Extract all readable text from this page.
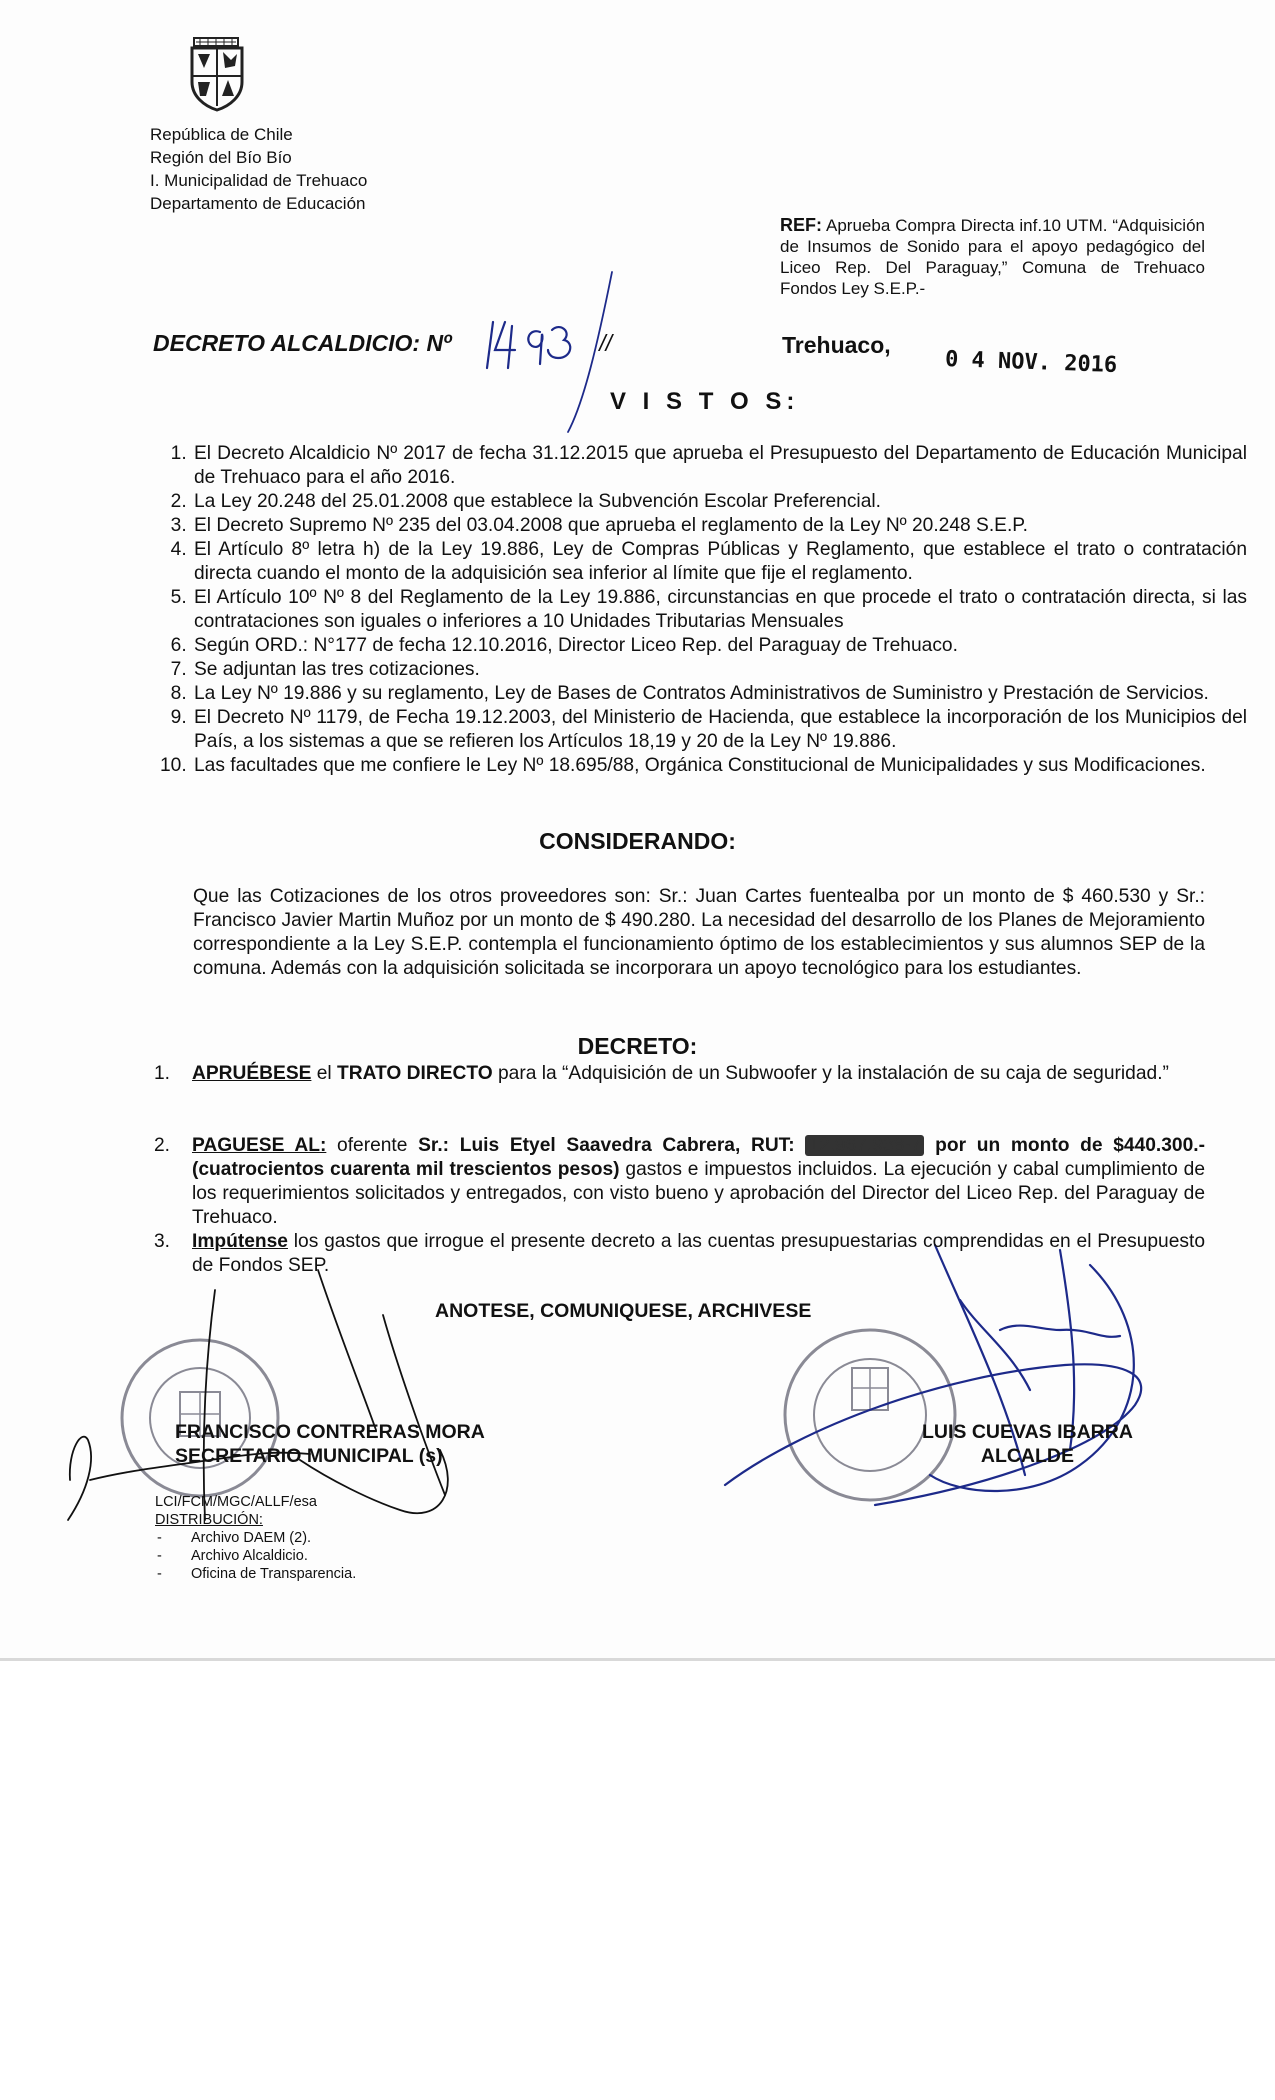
República de Chile
Región del Bío Bío
I. Municipalidad de Trehuaco
Departamento de Educación
REF: Aprueba Compra Directa inf.10 UTM. “Adquisición de Insumos de Sonido para el apoyo pedagógico del Liceo Rep. Del Paraguay,” Comuna de Trehuaco Fondos Ley S.E.P.-
DECRETO ALCALDICIO: Nº	//	Trehuaco,
0 4 NOV. 2016
V I S T O S:
1. El Decreto Alcaldicio Nº 2017 de fecha 31.12.2015 que aprueba el Presupuesto del Departamento de Educación Municipal de Trehuaco para el año 2016.
2. La Ley 20.248 del 25.01.2008 que establece la Subvención Escolar Preferencial.
3. El Decreto Supremo Nº 235 del 03.04.2008 que aprueba el reglamento de la Ley Nº 20.248 S.E.P.
4. El Artículo 8º letra h) de la Ley 19.886, Ley de Compras Públicas y Reglamento, que establece el trato o contratación directa cuando el monto de la adquisición sea inferior al límite que fije el reglamento.
5. El Artículo 10º Nº 8 del Reglamento de la Ley 19.886, circunstancias en que procede el trato o contratación directa, si las contrataciones son iguales o inferiores a 10 Unidades Tributarias Mensuales
6. Según ORD.: N°177 de fecha 12.10.2016, Director Liceo Rep. del Paraguay de Trehuaco.
7. Se adjuntan las tres cotizaciones.
8. La Ley Nº 19.886 y su reglamento, Ley de Bases de Contratos Administrativos de Suministro y Prestación de Servicios.
9. El Decreto Nº 1179, de Fecha 19.12.2003, del Ministerio de Hacienda, que establece la incorporación de los Municipios del País, a los sistemas a que se refieren los Artículos 18,19 y 20 de la Ley Nº 19.886.
10. Las facultades que me confiere le Ley Nº 18.695/88, Orgánica Constitucional de Municipalidades y sus Modificaciones.
CONSIDERANDO:
Que las Cotizaciones de los otros proveedores son: Sr.: Juan Cartes fuentealba por un monto de $ 460.530 y Sr.: Francisco Javier Martin Muñoz por un monto de $ 490.280. La necesidad del desarrollo de los Planes de Mejoramiento correspondiente a la Ley S.E.P. contempla el funcionamiento óptimo de los establecimientos y sus alumnos SEP de la comuna. Además con la adquisición solicitada se incorporara un apoyo tecnológico para los estudiantes.
DECRETO:
1. APRUÉBESE el TRATO DIRECTO para la “Adquisición de un Subwoofer y la instalación de su caja de seguridad.”
2. PAGUESE AL: oferente Sr.: Luis Etyel Saavedra Cabrera, RUT: 12.967.938-7 por un monto de $440.300.- (cuatrocientos cuarenta mil trescientos pesos) gastos e impuestos incluidos. La ejecución y cabal cumplimiento de los requerimientos solicitados y entregados, con visto bueno y aprobación del Director del Liceo Rep. del Paraguay de Trehuaco.
3. Impútense los gastos que irrogue el presente decreto a las cuentas presupuestarias comprendidas en el Presupuesto de Fondos SEP.
ANOTESE, COMUNIQUESE, ARCHIVESE
FRANCISCO CONTRERAS MORA
SECRETARIO MUNICIPAL (s)
LUIS CUEVAS IBARRA
ALCALDE
LCI/FCM/MGC/ALLF/esa
DISTRIBUCIÓN:
- Archivo DAEM (2).
- Archivo Alcaldicio.
- Oficina de Transparencia.
